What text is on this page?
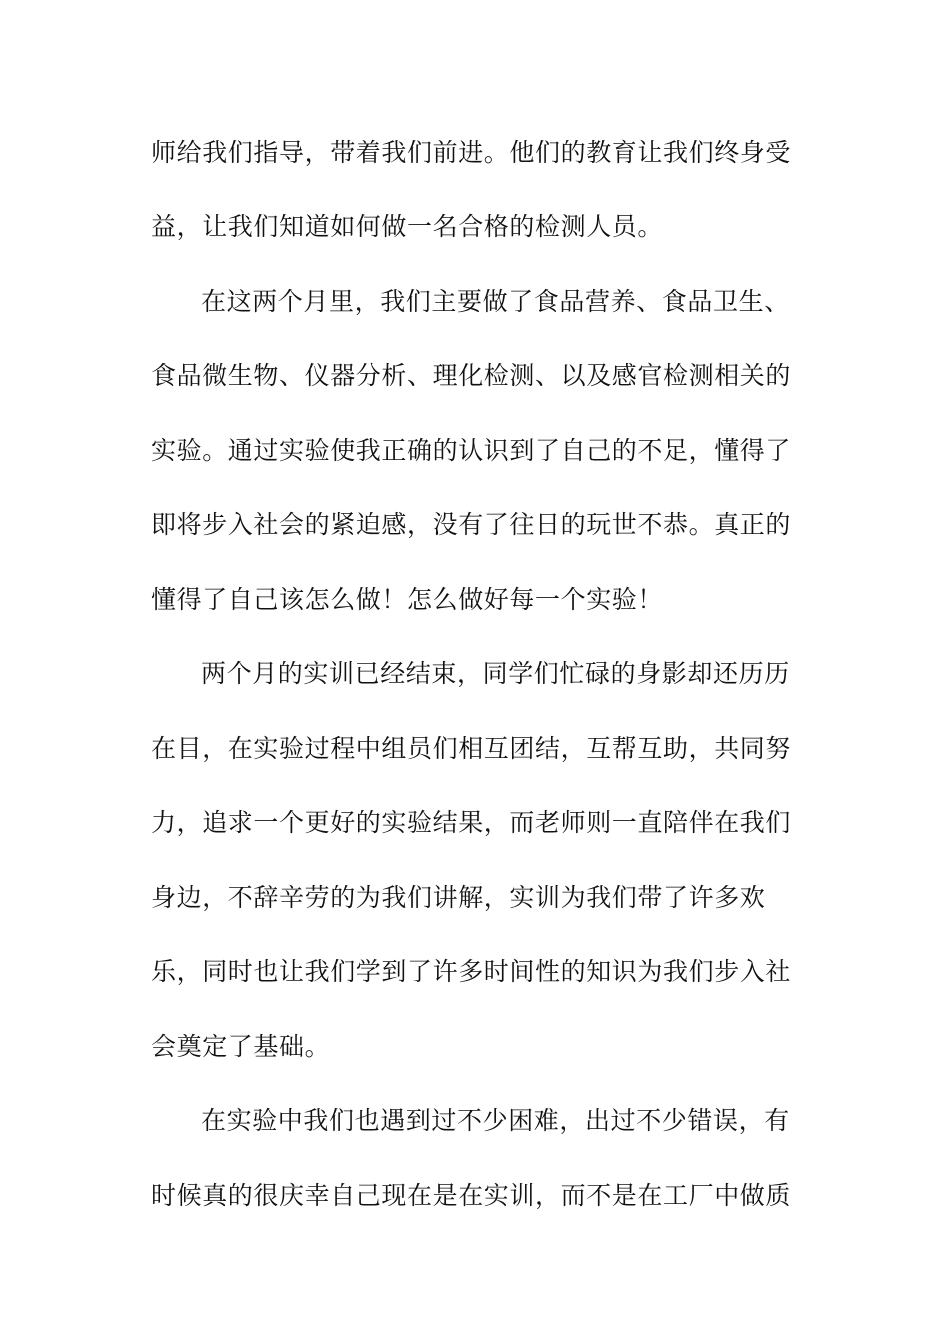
师给我们指导，带着我们前进。他们的教育让我们终身受
益，让我们知道如何做一名合格的检测人员。
在这两个月里，我们主要做了食品营养、食品卫生、
食品微生物、仪器分析、理化检测、以及感官检测相关的
实验。通过实验使我正确的认识到了自己的不足，懂得了
即将步入社会的紧迫感，没有了往日的玩世不恭。真正的
懂得了自己该怎么做！怎么做好每一个实验！
两个月的实训已经结束，同学们忙碌的身影却还历历
在目，在实验过程中组员们相互团结，互帮互助，共同努
力，追求一个更好的实验结果，而老师则一直陪伴在我们
身边，不辞辛劳的为我们讲解，实训为我们带了许多欢
乐，同时也让我们学到了许多时间性的知识为我们步入社
会奠定了基础。
在实验中我们也遇到过不少困难，出过不少错误，有
时候真的很庆幸自己现在是在实训，而不是在工厂中做质
